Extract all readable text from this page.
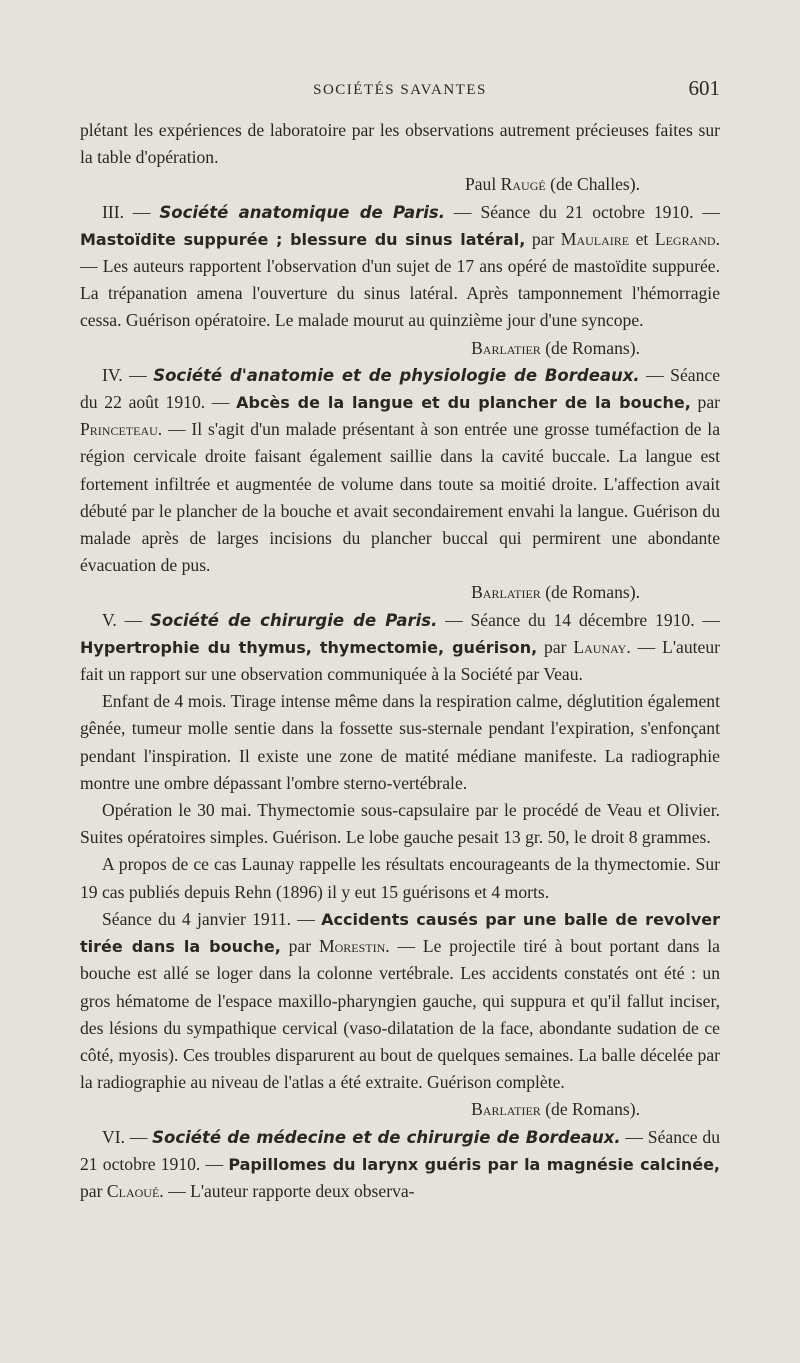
SOCIÉTÉS SAVANTES	601

plétant les expériences de laboratoire par les observations autrement précieuses faites sur la table d'opération.

Paul Raugé (de Challes).

III. — Société anatomique de Paris. — Séance du 21 octobre 1910. — Mastoïdite suppurée ; blessure du sinus latéral, par Maulaire et Legrand. — Les auteurs rapportent l'observation d'un sujet de 17 ans opéré de mastoïdite suppurée. La trépanation amena l'ouverture du sinus latéral. Après tamponnement l'hémorragie cessa. Guérison opératoire. Le malade mourut au quinzième jour d'une syncope.

Barlatier (de Romans).

IV. — Société d'anatomie et de physiologie de Bordeaux. — Séance du 22 août 1910. — Abcès de la langue et du plancher de la bouche, par Princeteau. — Il s'agit d'un malade présentant à son entrée une grosse tuméfaction de la région cervicale droite faisant également saillie dans la cavité buccale. La langue est fortement infiltrée et augmentée de volume dans toute sa moitié droite. L'affection avait débuté par le plancher de la bouche et avait secondairement envahi la langue. Guérison du malade après de larges incisions du plancher buccal qui permirent une abondante évacuation de pus.

Barlatier (de Romans).

V. — Société de chirurgie de Paris. — Séance du 14 décembre 1910. — Hypertrophie du thymus, thymectomie, guérison, par Launay. — L'auteur fait un rapport sur une observation communiquée à la Société par Veau.

Enfant de 4 mois. Tirage intense même dans la respiration calme, déglutition également gênée, tumeur molle sentie dans la fossette sus-sternale pendant l'expiration, s'enfonçant pendant l'inspiration. Il existe une zone de matité médiane manifeste. La radiographie montre une ombre dépassant l'ombre sterno-vertébrale.

Opération le 30 mai. Thymectomie sous-capsulaire par le procédé de Veau et Olivier. Suites opératoires simples. Guérison. Le lobe gauche pesait 13 gr. 50, le droit 8 grammes.

A propos de ce cas Launay rappelle les résultats encourageants de la thymectomie. Sur 19 cas publiés depuis Rehn (1896) il y eut 15 guérisons et 4 morts.

Séance du 4 janvier 1911. — Accidents causés par une balle de revolver tirée dans la bouche, par Morestin. — Le projectile tiré à bout portant dans la bouche est allé se loger dans la colonne vertébrale. Les accidents constatés ont été : un gros hématome de l'espace maxillo-pharyngien gauche, qui suppura et qu'il fallut inciser, des lésions du sympathique cervical (vaso-dilatation de la face, abondante sudation de ce côté, myosis). Ces troubles disparurent au bout de quelques semaines. La balle décelée par la radiographie au niveau de l'atlas a été extraite. Guérison complète.

Barlatier (de Romans).

VI. — Société de médecine et de chirurgie de Bordeaux. — Séance du 21 octobre 1910. — Papillomes du larynx guéris par la magnésie calcinée, par Claoué. — L'auteur rapporte deux observa-
